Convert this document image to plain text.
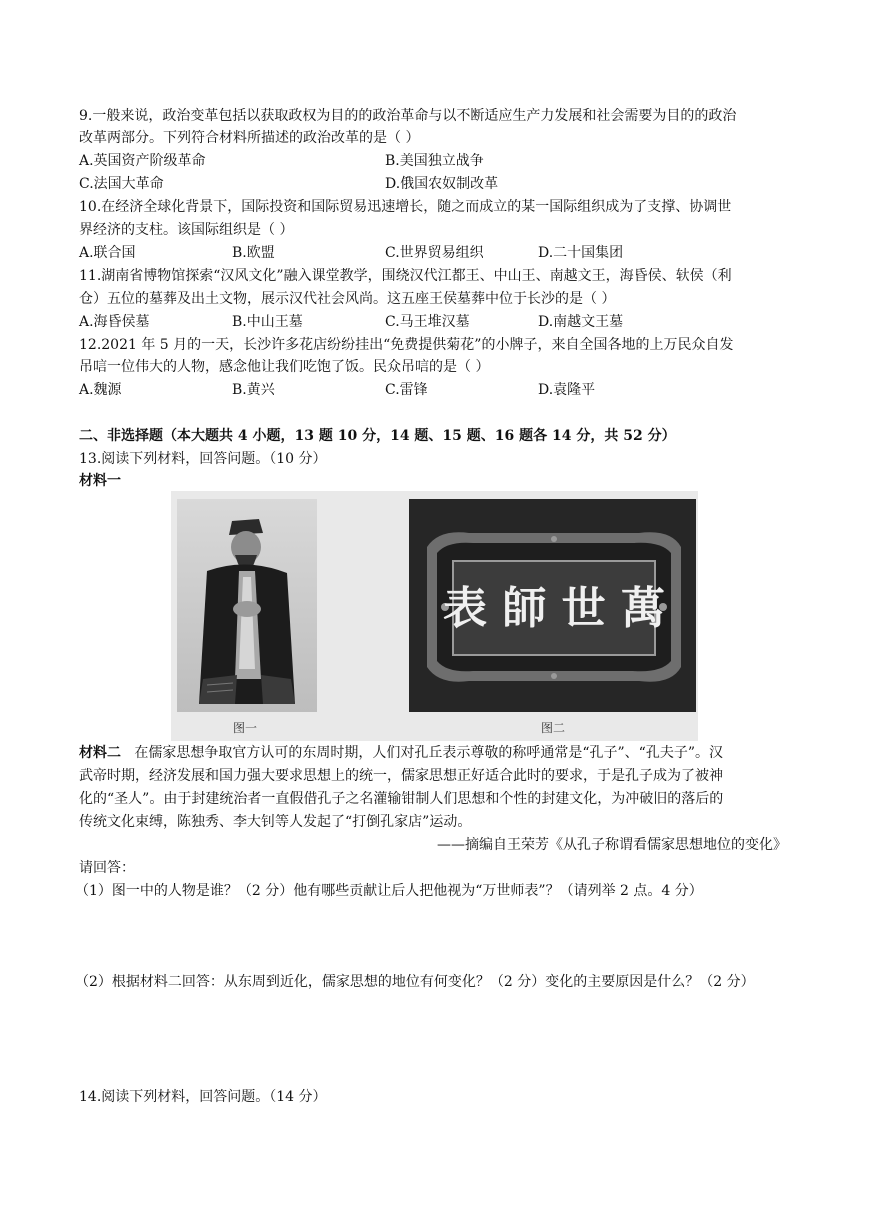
9.一般来说，政治变革包括以获取政权为目的的政治革命与以不断适应生产力发展和社会需要为目的的政治
改革两部分。下列符合材料所描述的政治改革的是（ ）
A.英国资产阶级革命	B.美国独立战争
C.法国大革命	D.俄国农奴制改革
10.在经济全球化背景下，国际投资和国际贸易迅速增长，随之而成立的某一国际组织成为了支撑、协调世
界经济的支柱。该国际组织是（ ）
A.联合国	B.欧盟	C.世界贸易组织	D.二十国集团
11.湖南省博物馆探索“汉风文化”融入课堂教学，围绕汉代江都王、中山王、南越文王，海昏侯、轪侯（利
仓）五位的墓葬及出土文物，展示汉代社会风尚。这五座王侯墓葬中位于长沙的是（ ）
A.海昏侯墓	B.中山王墓	C.马王堆汉墓	D.南越文王墓
12.2021 年 5 月的一天，长沙许多花店纷纷挂出“免费提供菊花”的小牌子，来自全国各地的上万民众自发
吊唁一位伟大的人物，感念他让我们吃饱了饭。民众吊唁的是（ ）
A.魏源	B.黄兴	C.雷锋	D.袁隆平
二、非选择题（本大题共 4 小题，13 题 10 分，14 题、15 题、16 题各 14 分，共 52 分）
13.阅读下列材料，回答问题。（10 分）
材料一
图一
表 師 世 萬
图二
材料二 在儒家思想争取官方认可的东周时期，人们对孔丘表示尊敬的称呼通常是“孔子”、“孔夫子”。汉
武帝时期，经济发展和国力强大要求思想上的统一，儒家思想正好适合此时的要求，于是孔子成为了被神
化的“圣人”。由于封建统治者一直假借孔子之名灌输钳制人们思想和个性的封建文化，为冲破旧的落后的
传统文化束缚，陈独秀、李大钊等人发起了“打倒孔家店”运动。
——摘编自王荣芳《从孔子称谓看儒家思想地位的变化》
请回答：
（1）图一中的人物是谁？（2 分）他有哪些贡献让后人把他视为“万世师表”？（请列举 2 点。4 分）
（2）根据材料二回答：从东周到近化，儒家思想的地位有何变化？（2 分）变化的主要原因是什么？（2 分）
14.阅读下列材料，回答问题。（14 分）
